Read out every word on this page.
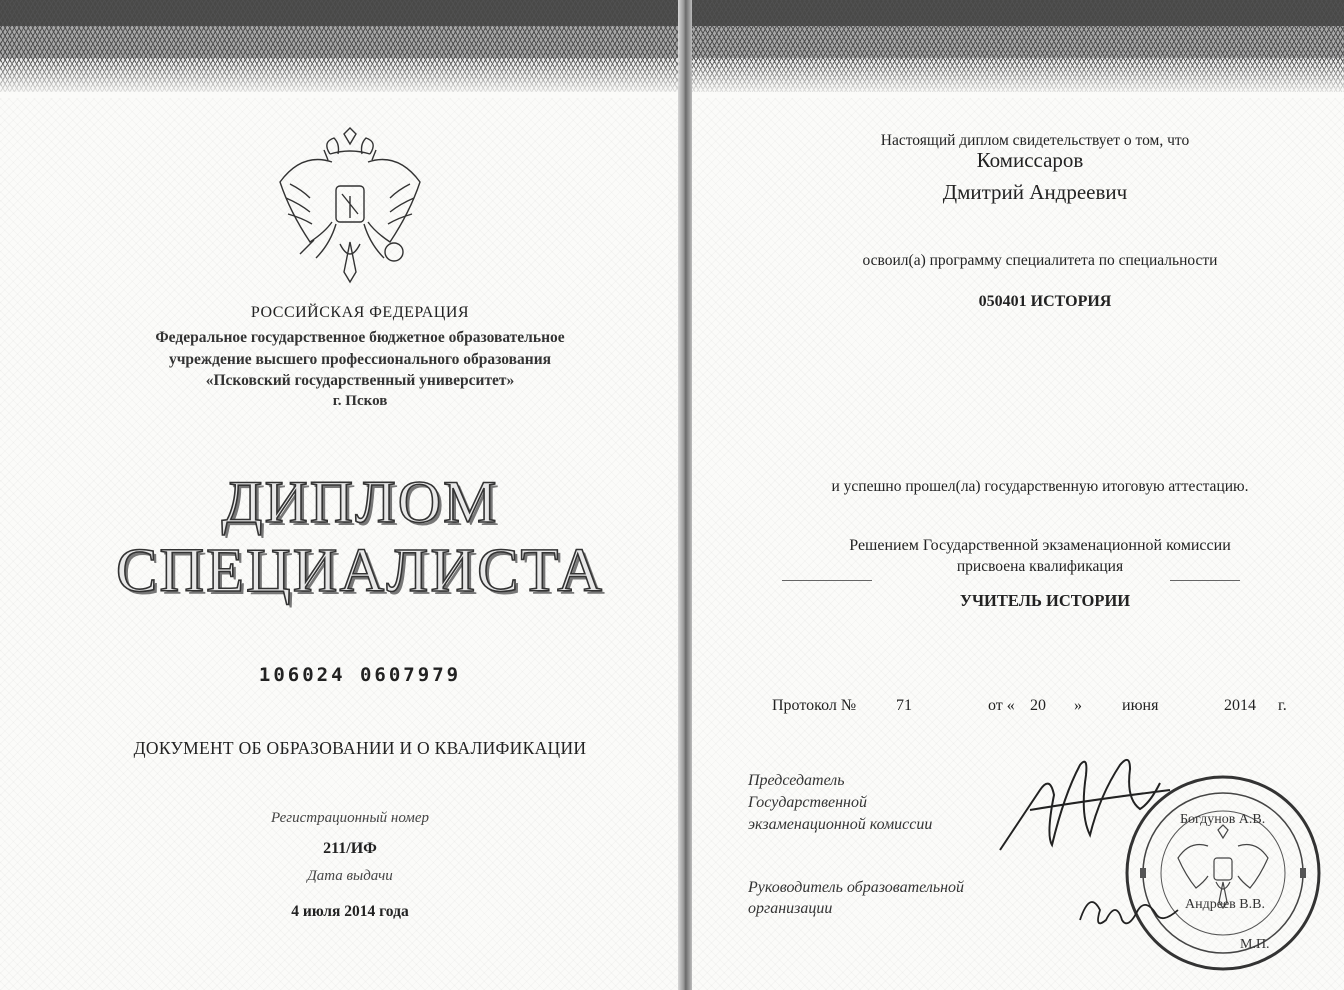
РОССИЙСКАЯ ФЕДЕРАЦИЯ
Федеральное государственное бюджетное образовательное
учреждение высшего профессионального образования
«Псковский государственный университет»
г. Псков
ДИПЛОМ
СПЕЦИАЛИСТА
106024 0607979
ДОКУМЕНТ ОБ ОБРАЗОВАНИИ И О КВАЛИФИКАЦИИ
Регистрационный номер
211/ИФ
Дата выдачи
4 июля 2014 года
Настоящий диплом свидетельствует о том, что
Комиссаров
Дмитрий Андреевич
освоил(а) программу специалитета по специальности
050401 ИСТОРИЯ
и успешно прошел(ла) государственную итоговую аттестацию.
Решением Государственной экзаменационной комиссии
присвоена квалификация
УЧИТЕЛЬ ИСТОРИИ
Протокол № 71	от « 20 »	июня	2014 г.
Председатель
Государственной
экзаменационной комиссии
Руководитель образовательной
организации
Богдунов А.В.
Андреев В.В.
М.П.
